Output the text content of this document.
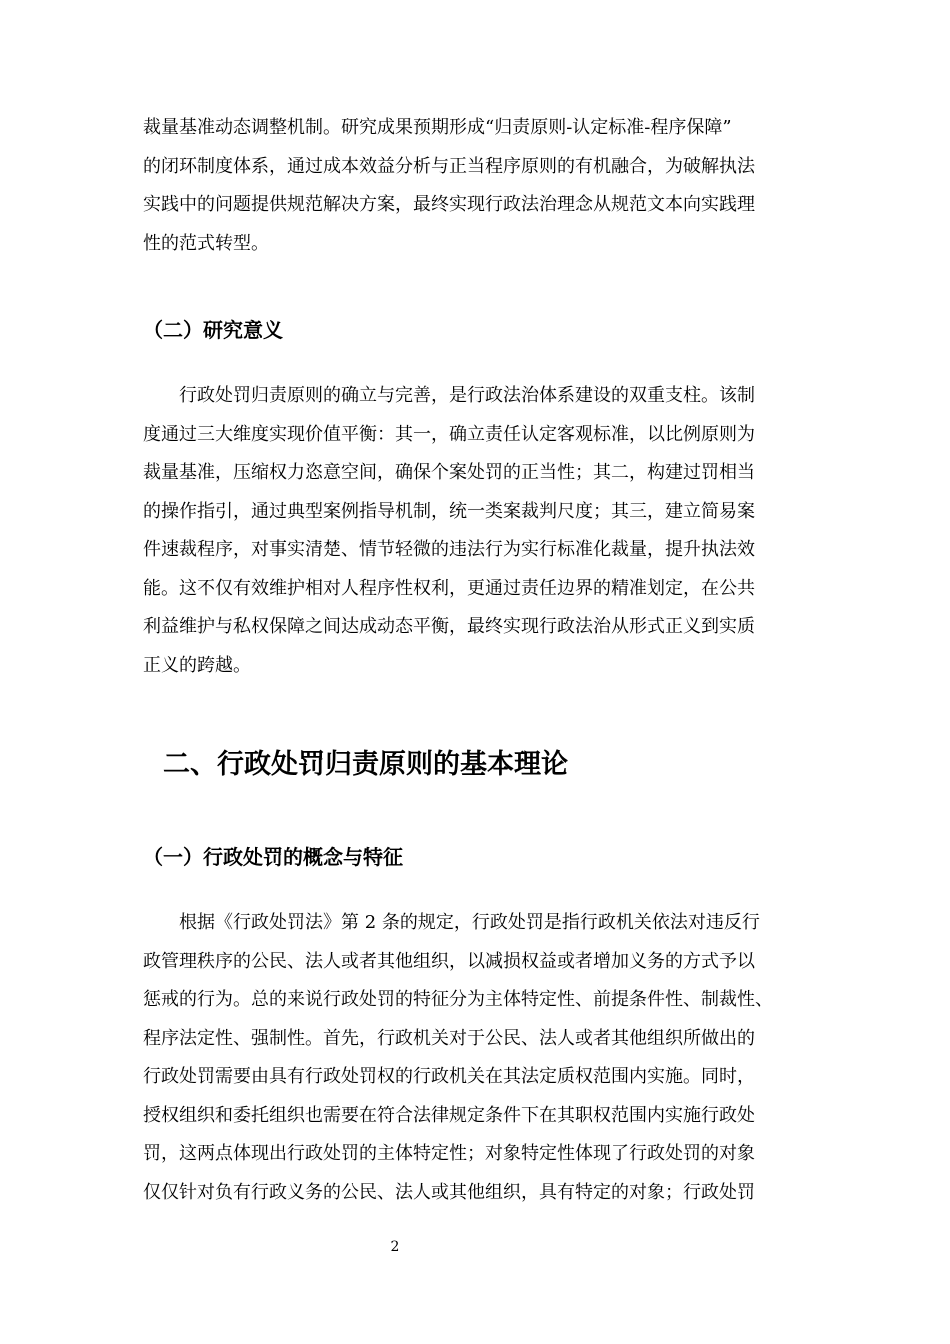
裁量基准动态调整机制。研究成果预期形成“归责原则-认定标准-程序保障”
的闭环制度体系，通过成本效益分析与正当程序原则的有机融合，为破解执法
实践中的问题提供规范解决方案，最终实现行政法治理念从规范文本向实践理
性的范式转型。
（二）研究意义
　　行政处罚归责原则的确立与完善，是行政法治体系建设的双重支柱。该制
度通过三大维度实现价值平衡：其一，确立责任认定客观标准，以比例原则为
裁量基准，压缩权力恣意空间，确保个案处罚的正当性；其二，构建过罚相当
的操作指引，通过典型案例指导机制，统一类案裁判尺度；其三，建立简易案
件速裁程序，对事实清楚、情节轻微的违法行为实行标准化裁量，提升执法效
能。这不仅有效维护相对人程序性权利，更通过责任边界的精准划定，在公共
利益维护与私权保障之间达成动态平衡，最终实现行政法治从形式正义到实质
正义的跨越。
二、行政处罚归责原则的基本理论
（一）行政处罚的概念与特征
　　根据《行政处罚法》第 2 条的规定，行政处罚是指行政机关依法对违反行
政管理秩序的公民、法人或者其他组织，以减损权益或者增加义务的方式予以
惩戒的行为。总的来说行政处罚的特征分为主体特定性、前提条件性、制裁性、
程序法定性、强制性。首先，行政机关对于公民、法人或者其他组织所做出的
行政处罚需要由具有行政处罚权的行政机关在其法定质权范围内实施。同时，
授权组织和委托组织也需要在符合法律规定条件下在其职权范围内实施行政处
罚，这两点体现出行政处罚的主体特定性；对象特定性体现了行政处罚的对象
仅仅针对负有行政义务的公民、法人或其他组织，具有特定的对象；行政处罚
2
